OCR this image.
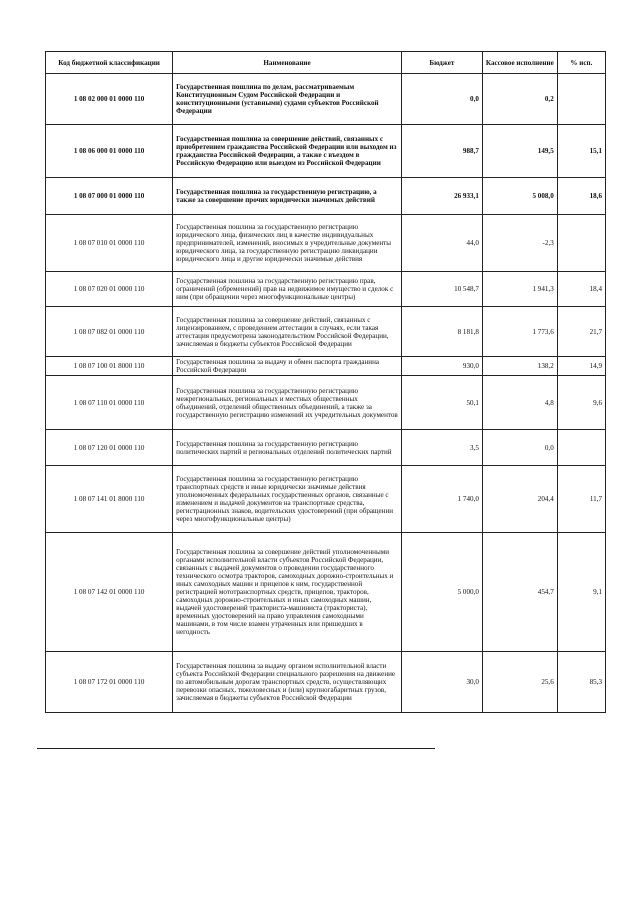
Код бюджетной классификации	Наименование	Бюджет	Кассовое исполнение	% исп.
1 08 02 000 01 0000 110	Государственная пошлина по делам, рассматриваемым Конституционным Судом Российской Федерации и конституционными (уставными) судами субъектов Российской Федерации	0,0	0,2	
1 08 06 000 01 0000 110	Государственная пошлина за совершение действий, связанных с приобретением гражданства Российской Федерации или выходом из гражданства Российской Федерации, а также с въездом в Российскую Федерацию или выездом из Российской Федерации	988,7	149,5	15,1
1 08 07 000 01 0000 110	Государственная пошлина за государственную регистрацию, а также за совершение прочих юридически значимых действий	26 933,1	5 008,0	18,6
1 08 07 010 01 0000 110	Государственная пошлина за государственную регистрацию юридического лица, физических лиц в качестве индивидуальных предпринимателей, изменений, вносимых в учредительные документы юридического лица, за государственную регистрацию ликвидации юридического лица и другие юридически значимые действия	44,0	-2,3	
1 08 07 020 01 0000 110	Государственная пошлина за государственную регистрацию прав, ограничений (обременений) прав на недвижимое имущество и сделок с ним (при обращении через многофункциональные центры)	10 548,7	1 941,3	18,4
1 08 07 082 01 0000 110	Государственная пошлина за совершение действий, связанных с лицензированием, с проведением аттестации в случаях, если такая аттестация предусмотрена законодательством Российской Федерации, зачисляемая в бюджеты субъектов Российской Федерации	8 181,8	1 773,6	21,7
1 08 07 100 01 8000 110	Государственная пошлина за выдачу и обмен паспорта гражданина Российской Федерации	930,0	138,2	14,9
1 08 07 110 01 0000 110	Государственная пошлина за государственную регистрацию межрегиональных, региональных и местных общественных объединений, отделений общественных объединений, а также за государственную регистрацию изменений их учредительных документов	50,1	4,8	9,6
1 08 07 120 01 0000 110	Государственная пошлина за государственную регистрацию политических партий и региональных отделений политических партий	3,5	0,0	
1 08 07 141 01 8000 110	Государственная пошлина за государственную регистрацию транспортных средств и иные юридически значимые действия уполномоченных федеральных государственных органов, связанные с изменением и выдачей документов на транспортные средства, регистрационных знаков, водительских удостоверений (при обращении через многофункциональные центры)	1 740,0	204,4	11,7
1 08 07 142 01 0000 110	Государственная пошлина за совершение действий уполномоченными органами исполнительной власти субъектов Российской Федерации, связанных с выдачей документов о проведении государственного технического осмотра тракторов, самоходных дорожно-строительных и иных самоходных машин и прицепов к ним, государственной регистрацией мототранспортных средств, прицепов, тракторов, самоходных дорожно-строительных и иных самоходных машин, выдачей удостоверений тракториста-машиниста (тракториста), временных удостоверений на право управления самоходными машинами, в том числе взамен утраченных или пришедших в негодность	5 000,0	454,7	9,1
1 08 07 172 01 0000 110	Государственная пошлина за выдачу органом исполнительной власти субъекта Российской Федерации специального разрешения на движение по автомобильным дорогам транспортных средств, осуществляющих перевозки опасных, тяжеловесных и (или) крупногабаритных грузов, зачисляемая в бюджеты субъектов Российской Федерации	30,0	25,6	85,3
